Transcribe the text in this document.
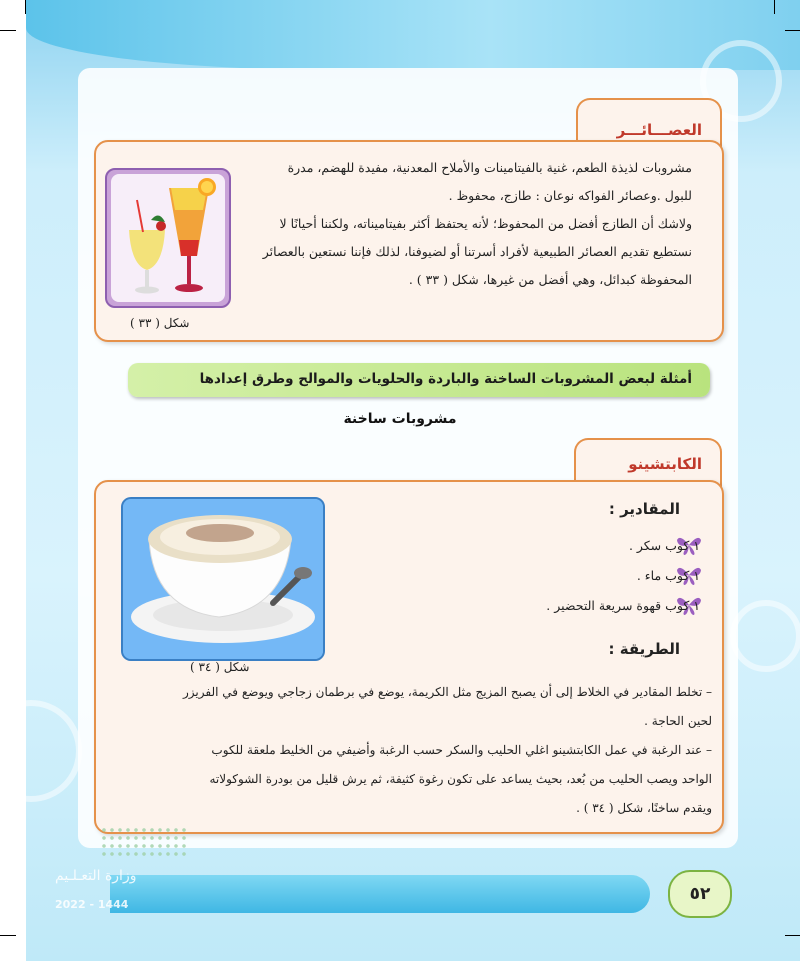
العصـــائـــر
شكل ( ٣٣ )
مشروبات لذيذة الطعم، غنية بالفيتامينات والأملاح المعدنية، مفيدة للهضم، مدرة
للبول .وعصائر الفواكه نوعان : طازج، محفوظ .
ولاشك أن الطازج أفضل من المحفوظ؛ لأنه يحتفظ أكثر بفيتاميناته، ولكننا أحيانًا لا
نستطيع تقديم العصائر الطبيعية لأفراد أسرتنا أو لضيوفنا، لذلك فإننا نستعين بالعصائر
المحفوظة كبدائل، وهي أفضل من غيرها، شكل ( ٣٣ ) .
أمثلة لبعض المشروبات الساخنة والباردة والحلويات والموالح وطرق إعدادها
مشروبات ساخنة
الكابتشينو
شكل ( ٣٤ )
المقادير :
١ كوب سكر .
١ كوب ماء .
١ كوب قهوة سريعة التحضير .
الطريقة :
– تخلط المقادير في الخلاط إلى أن يصبح المزيج مثل الكريمة، يوضع في برطمان زجاجي ويوضع في الفريزر
لحين الحاجة .
– عند الرغبة في عمل الكابتشينو اغلي الحليب والسكر حسب الرغبة وأضيفي من الخليط ملعقة للكوب
الواحد ويصب الحليب من بُعد، بحيث يساعد على تكون رغوة كثيفة، ثم يرش قليل من بودرة الشوكولاته
ويقدم ساخنًا، شكل ( ٣٤ ) .
٥٢
وزارة التعـلـيم
2022 - 1444
